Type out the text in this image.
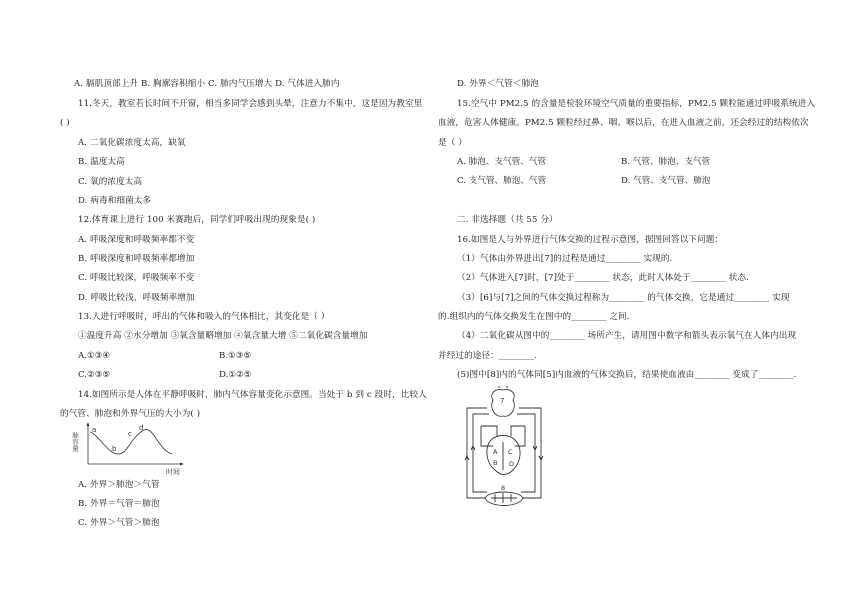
A. 膈肌顶部上升 B. 胸廓容积缩小 C. 肺内气压增大 D. 气体进入肺内
11.冬天，教室若长时间不开窗，相当多同学会感到头晕，注意力不集中，这是因为教室里
( )
A. 二氧化碳浓度太高，缺氧
B. 温度太高
C. 氧的浓度太高
D. 病毒和细菌太多
12.体育课上进行 100 米赛跑后，同学们呼吸出现的现象是( )
A. 呼吸深度和呼吸频率都不变
B. 呼吸深度和呼吸频率都增加
C. 呼吸比较深，呼吸频率不变
D. 呼吸比较浅，呼吸频率增加
13.人进行呼吸时，呼出的气体和吸入的气体相比，其变化是（ ）
①温度升高 ②水分增加 ③氧含量略增加 ④氧含量大增 ⑤二氧化碳含量增加
A.①③④	B.①③⑤
C.②③⑤	D.①②⑤
14.如图所示是人体在平静呼吸时，肺内气体容量变化示意图。当处于 b 到 c 段时，比较人
的气管、肺泡和外界气压的大小为( )
肺容量
时间
a
b
c
d
A. 外界＞肺泡＞气管
B. 外界＝气管＝肺泡
C. 外界＞气管＞肺泡
D. 外界＜气管＜肺泡
15.空气中 PM2.5 的含量是检验环境空气质量的重要指标，PM2.5 颗粒能通过呼吸系统进入
血液，危害人体健康。PM2.5 颗粒经过鼻、咽、喉以后，在进入血液之前，还会经过的结构依次
是（ ）
A. 肺泡、支气管、气管	B. 气管、肺泡、支气管
C. 支气管、肺泡、气管	D. 气管、支气管、肺泡
二. 非选择题（共 55 分）
16.如图是人与外界进行气体交换的过程示意图，据图回答以下问题：
（1）气体由外界进出[7]的过程是通过________ 实现的.
（2）气体进入[7]时，[7]处于________ 状态，此时人体处于________ 状态.
（3）[6]与[7]之间的气体交换过程称为________ 的气体交换，它是通过________ 实现
的.组织内的气体交换发生在图中的________ 之间.
（4）二氧化碳从图中的________ 场所产生，请用图中数字和箭头表示氧气在人体内出现
并经过的途径：________.
(5)图中[8]内的气体同[5]内血液的气体交换后，结果使血液由________ 变成了________.
7
A
B
C
D
8
